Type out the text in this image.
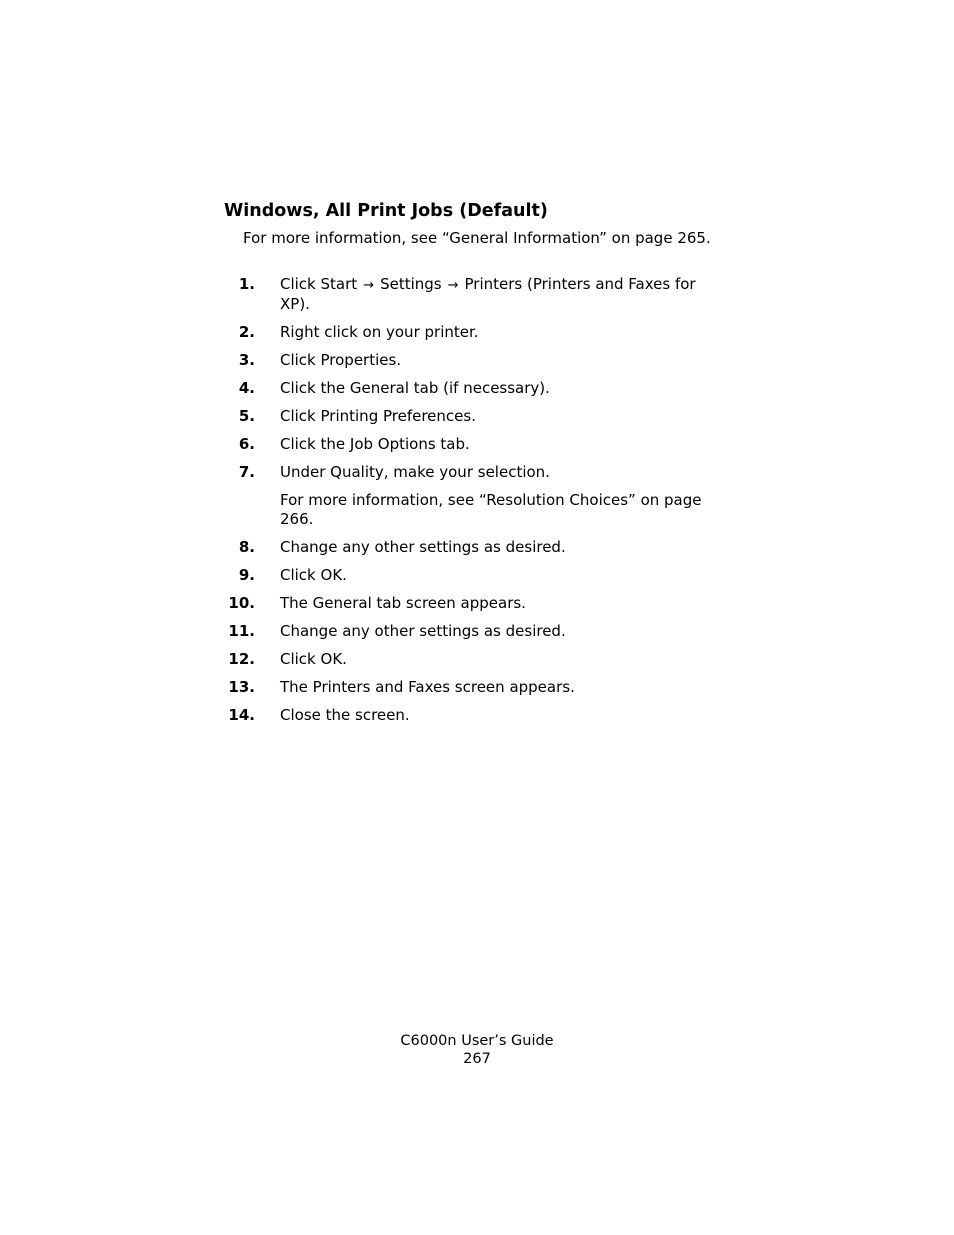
Windows, All Print Jobs (Default)

For more information, see “General Information” on page 265.

1. Click Start → Settings → Printers (Printers and Faxes for XP).
2. Right click on your printer.
3. Click Properties.
4. Click the General tab (if necessary).
5. Click Printing Preferences.
6. Click the Job Options tab.
7. Under Quality, make your selection.
For more information, see “Resolution Choices” on page 266.
8. Change any other settings as desired.
9. Click OK.
10. The General tab screen appears.
11. Change any other settings as desired.
12. Click OK.
13. The Printers and Faxes screen appears.
14. Close the screen.
C6000n User’s Guide
267
